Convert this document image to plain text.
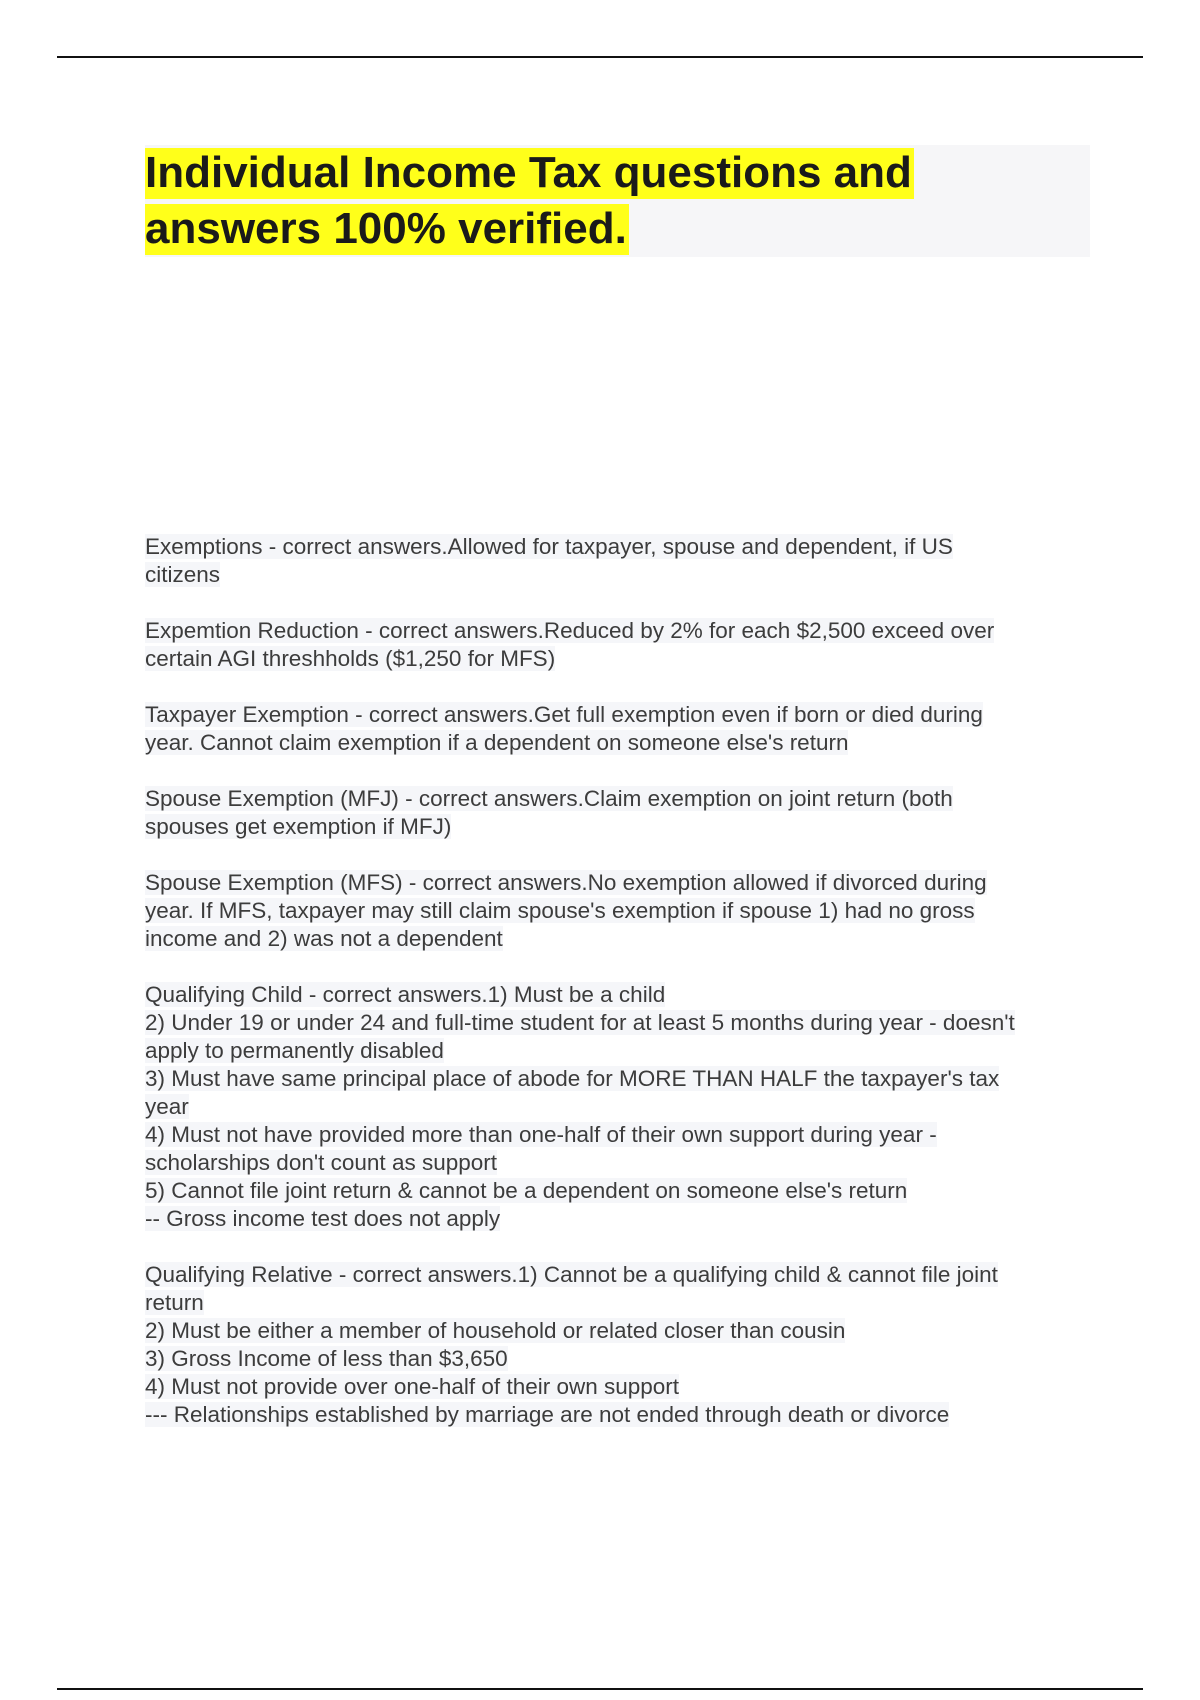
Individual Income Tax questions and
answers 100% verified.
Exemptions - correct answers.Allowed for taxpayer, spouse and dependent, if US
citizens
Expemtion Reduction - correct answers.Reduced by 2% for each $2,500 exceed over
certain AGI threshholds ($1,250 for MFS)
Taxpayer Exemption - correct answers.Get full exemption even if born or died during
year. Cannot claim exemption if a dependent on someone else's return
Spouse Exemption (MFJ) - correct answers.Claim exemption on joint return (both
spouses get exemption if MFJ)
Spouse Exemption (MFS) - correct answers.No exemption allowed if divorced during
year. If MFS, taxpayer may still claim spouse's exemption if spouse 1) had no gross
income and 2) was not a dependent
Qualifying Child - correct answers.1) Must be a child
2) Under 19 or under 24 and full-time student for at least 5 months during year - doesn't
apply to permanently disabled
3) Must have same principal place of abode for MORE THAN HALF the taxpayer's tax
year
4) Must not have provided more than one-half of their own support during year -
scholarships don't count as support
5) Cannot file joint return & cannot be a dependent on someone else's return
-- Gross income test does not apply
Qualifying Relative - correct answers.1) Cannot be a qualifying child & cannot file joint
return
2) Must be either a member of household or related closer than cousin
3) Gross Income of less than $3,650
4) Must not provide over one-half of their own support
--- Relationships established by marriage are not ended through death or divorce
